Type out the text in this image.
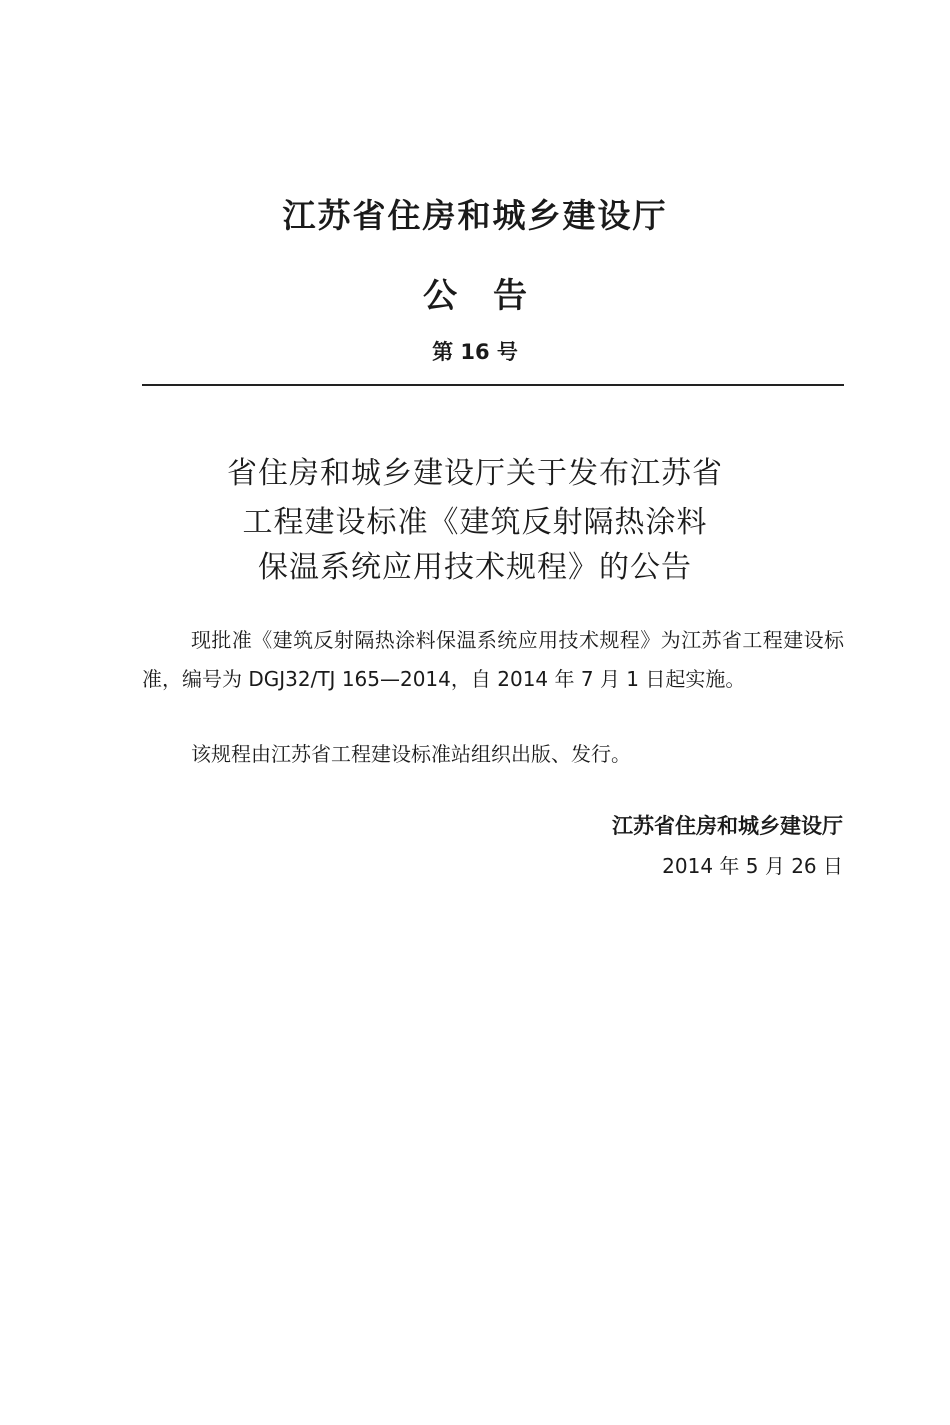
江苏省住房和城乡建设厅
公告
第 16 号
省住房和城乡建设厅关于发布江苏省
工程建设标准《建筑反射隔热涂料
保温系统应用技术规程》的公告
现批准《建筑反射隔热涂料保温系统应用技术规程》为江苏省工程建设标准，编号为 DGJ32/TJ 165—2014，自 2014 年 7 月 1 日起实施。
该规程由江苏省工程建设标准站组织出版、发行。
江苏省住房和城乡建设厅
2014 年 5 月 26 日
